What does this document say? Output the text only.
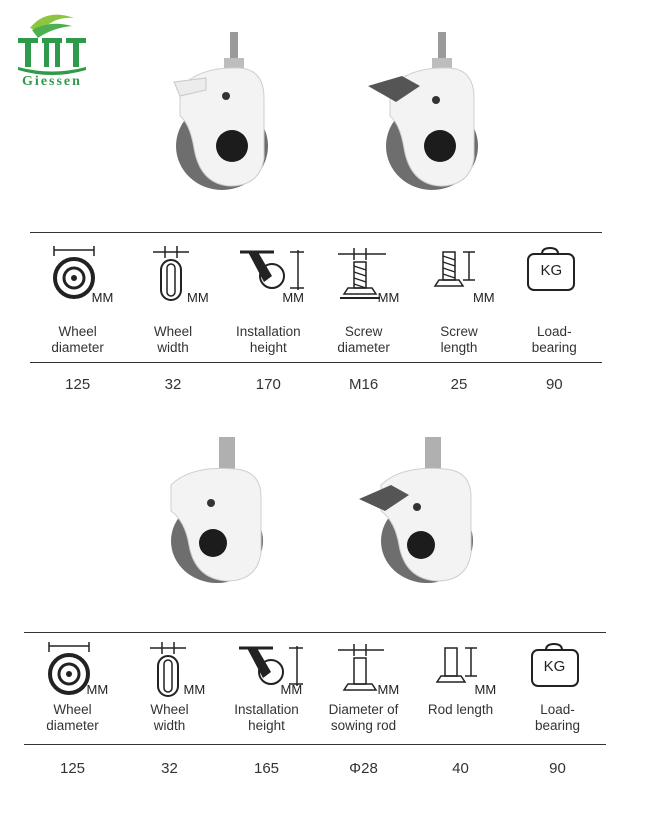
Giessen
MM
Wheel
diameter
125
MM
Wheel
width
32
MM
Installation
height
170
MM
Screw
diameter
M16
MM
Screw
length
25
KG
Load-
bearing
90
MM
Wheel
diameter
125
MM
Wheel
width
32
MM
Installation
height
165
MM
Diameter of
sowing rod
Φ28
MM
Rod length
40
KG
Load-
bearing
90
